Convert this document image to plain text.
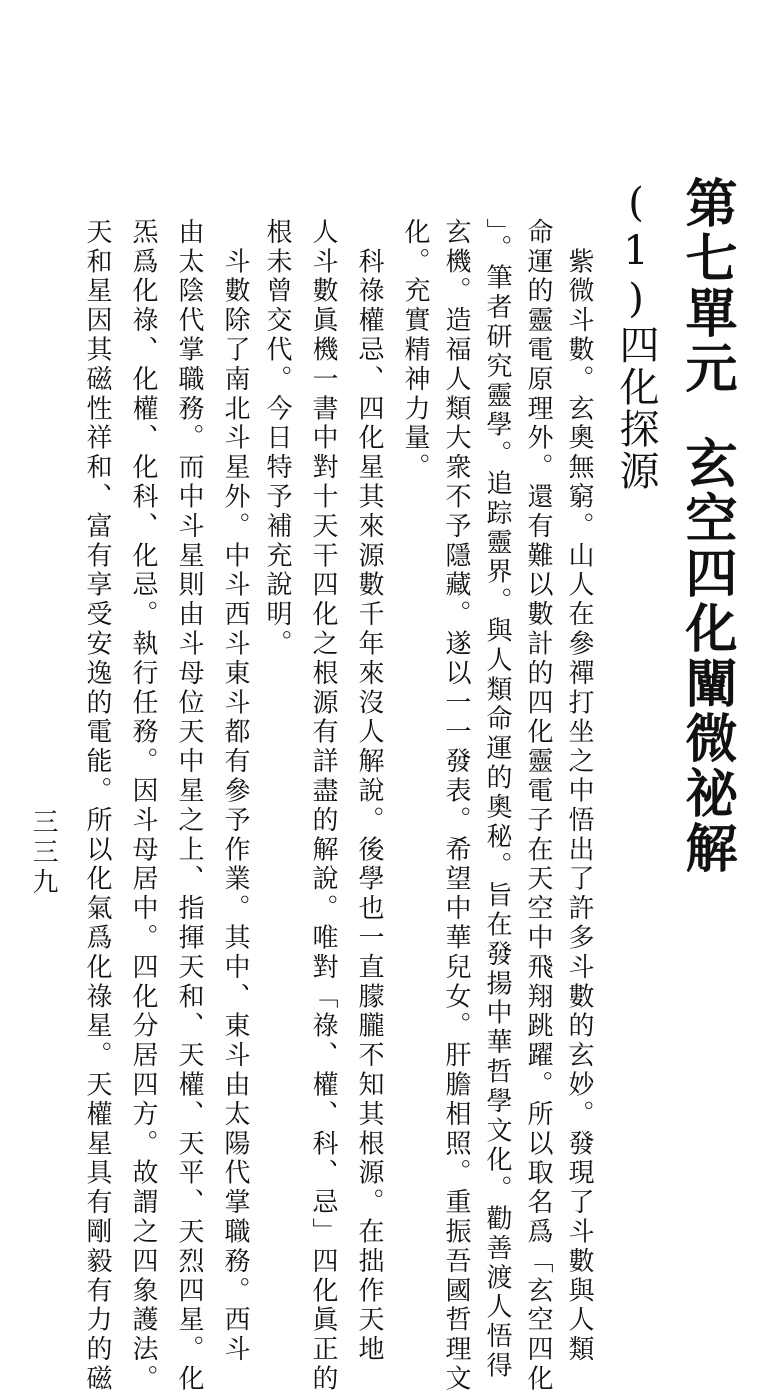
第七單元玄空四化闡微祕解
(1)四化探源
　紫微斗數。玄奧無窮。山人在參禪打坐之中悟出了許多斗數的玄妙。發現了斗數與人類
命運的靈電原理外。還有難以數計的四化靈電子在天空中飛翔跳躍。所以取名爲「玄空四化
」。筆者研究靈學。追踪靈界。與人類命運的奧秘。旨在發揚中華哲學文化。勸善渡人悟得
玄機。造福人類大衆不予隱藏。遂以一一發表。希望中華兒女。肝膽相照。重振吾國哲理文
化。充實精神力量。
　科祿權忌、四化星其來源數千年來沒人解說。後學也一直朦朧不知其根源。在拙作天地
人斗數眞機一書中對十天干四化之根源有詳盡的解說。唯對「祿、權、科、忌」四化眞正的
根未曾交代。今日特予補充說明。
　斗數除了南北斗星外。中斗西斗東斗都有參予作業。其中、東斗由太陽代掌職務。西斗
由太陰代掌職務。而中斗星則由斗母位天中星之上、指揮天和、天權、天平、天烈四星。化
炁爲化祿、化權、化科、化忌。執行任務。因斗母居中。四化分居四方。故謂之四象護法。
天和星因其磁性祥和、富有享受安逸的電能。所以化氣爲化祿星。天權星具有剛毅有力的磁
三三九
